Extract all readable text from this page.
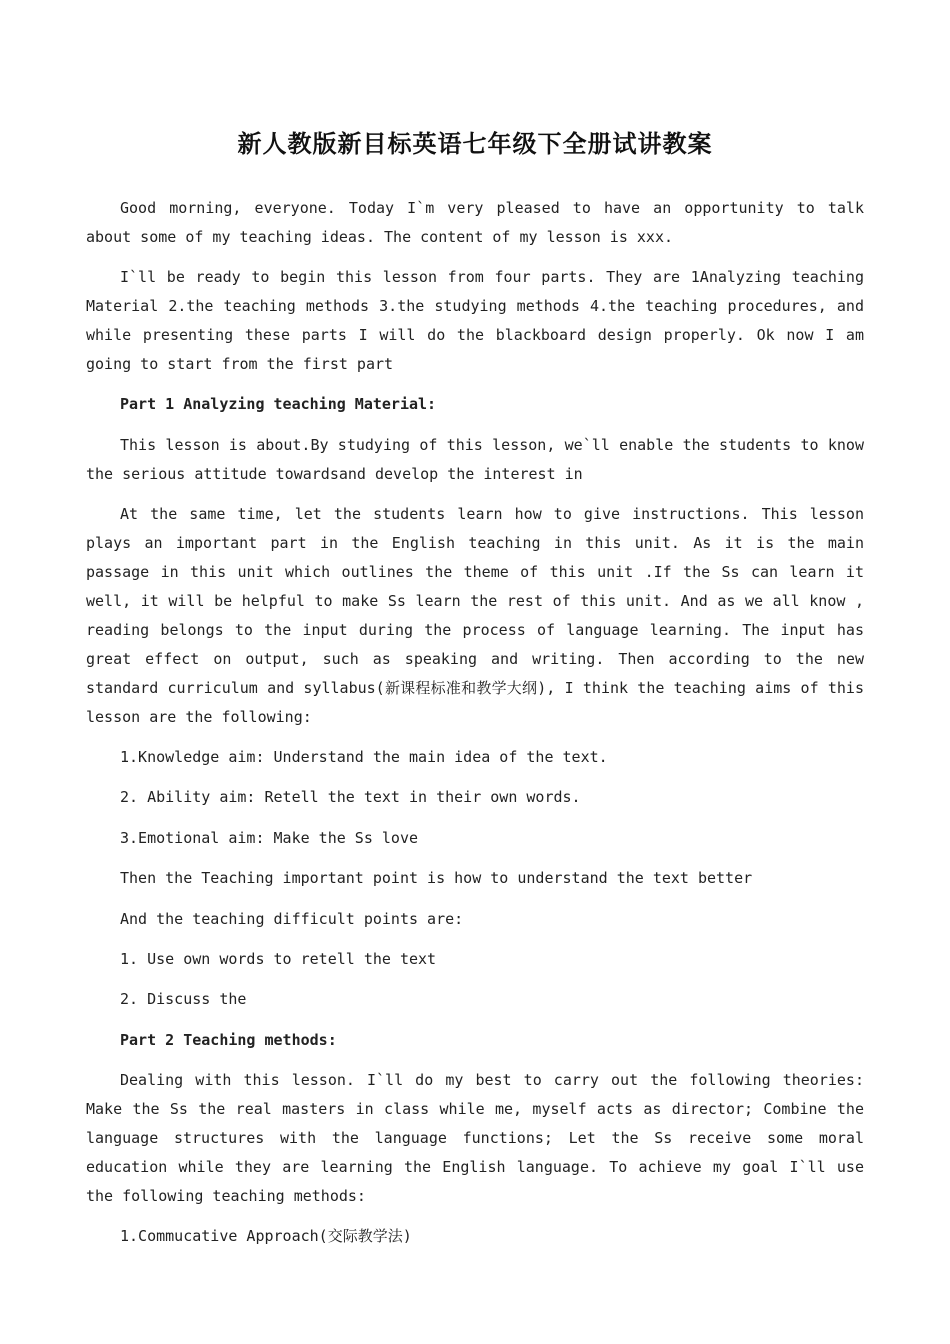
新人教版新目标英语七年级下全册试讲教案

Good morning, everyone. Today I`m very pleased to have an opportunity to talk about some of my teaching ideas. The content of my lesson is xxx.

I`ll be ready to begin this lesson from four parts. They are 1Analyzing teaching Material 2.the teaching methods 3.the studying methods 4.the teaching procedures, and while presenting these parts I will do the blackboard design properly. Ok now I am going to start from the first part

Part 1 Analyzing teaching Material:

This lesson is about.By studying of this lesson, we`ll enable the students to know the serious attitude towardsand develop the interest in

At the same time, let the students learn how to give instructions. This lesson plays an important part in the English teaching in this unit. As it is the main passage in this unit which outlines the theme of this unit .If the Ss can learn it well, it will be helpful to make Ss learn the rest of this unit. And as we all know , reading belongs to the input during the process of language learning. The input has great effect on output, such as speaking and writing. Then according to the new standard curriculum and syllabus(新课程标准和教学大纲), I think the teaching aims of this lesson are the following:

1.Knowledge aim: Understand the main idea of the text.

2. Ability aim: Retell the text in their own words.

3.Emotional aim: Make the Ss love

Then the Teaching important point is how to understand the text better

And the teaching difficult points are:

1. Use own words to retell the text

2. Discuss the

Part 2 Teaching methods:

Dealing with this lesson. I`ll do my best to carry out the following theories: Make the Ss the real masters in class while me, myself acts as director; Combine the language structures with the language functions; Let the Ss receive some moral education while they are learning the English language. To achieve my goal I`ll use the following teaching methods:

1.Commucative Approach(交际教学法)
